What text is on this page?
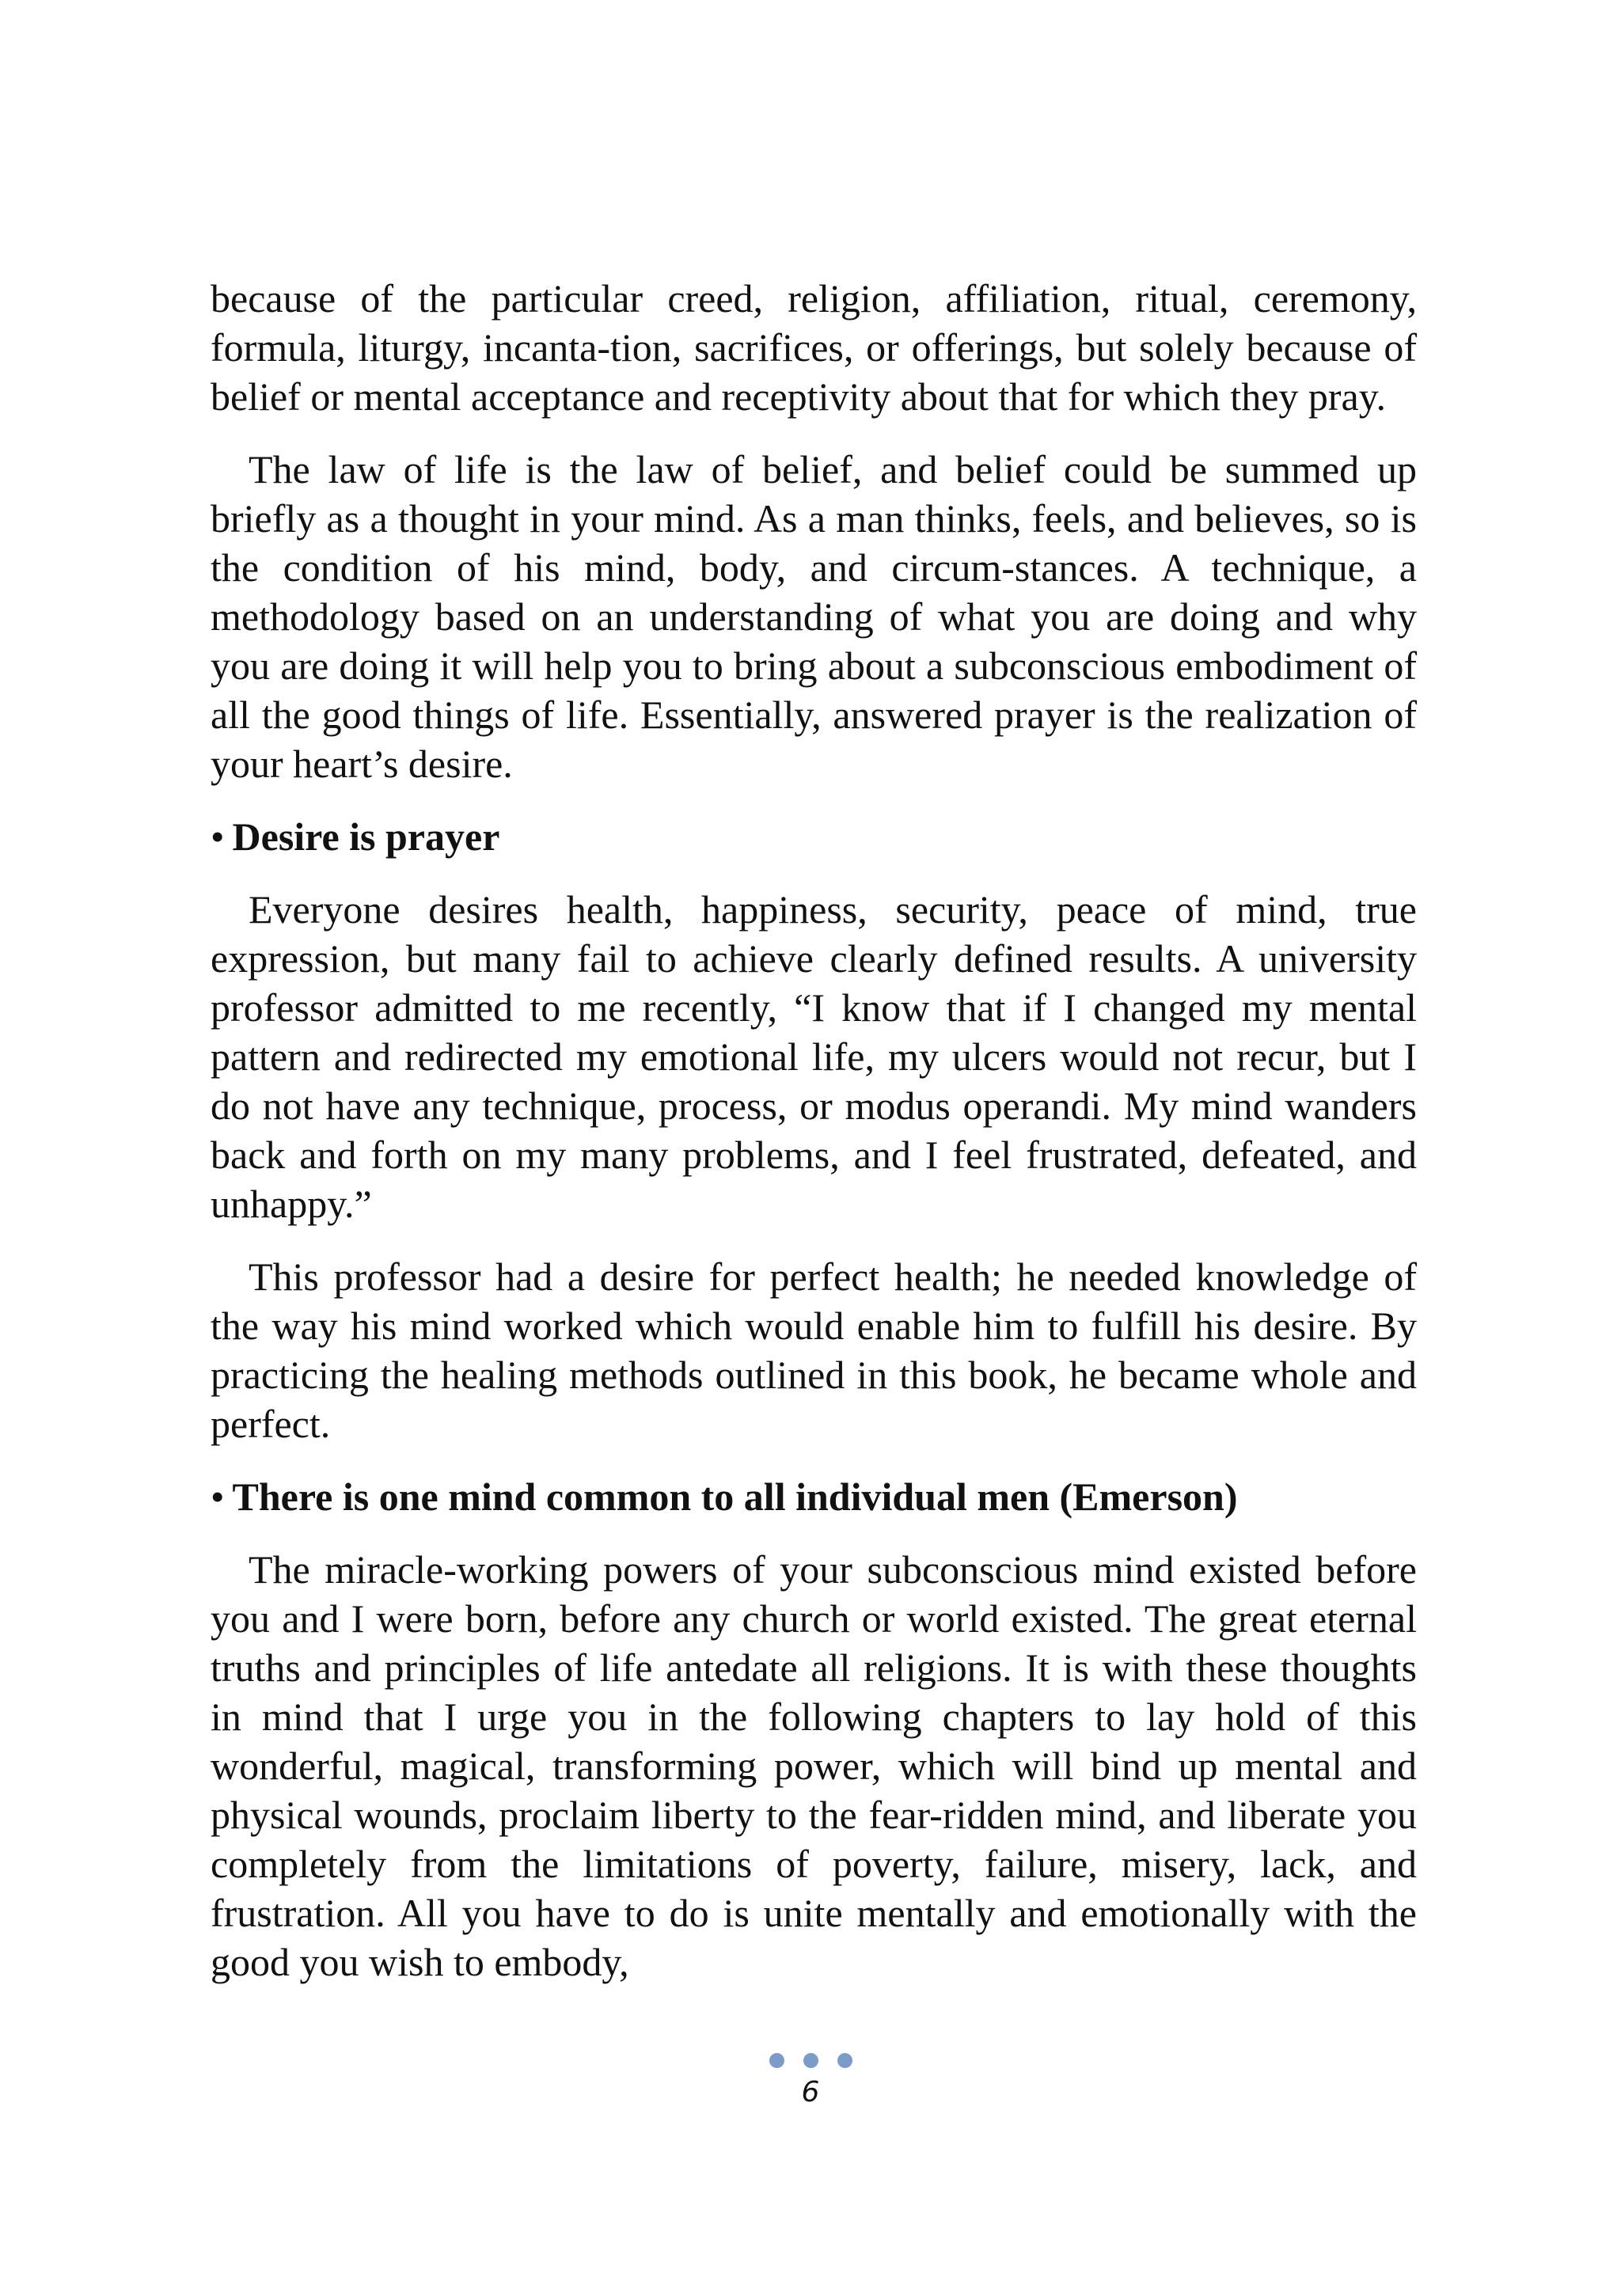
because of the particular creed, religion, affiliation, ritual, ceremony, formula, liturgy, incanta-tion, sacrifices, or offerings, but solely because of belief or mental acceptance and receptivity about that for which they pray.

The law of life is the law of belief, and belief could be summed up briefly as a thought in your mind. As a man thinks, feels, and believes, so is the condition of his mind, body, and circum-stances. A technique, a methodology based on an understanding of what you are doing and why you are doing it will help you to bring about a subconscious embodiment of all the good things of life. Essentially, answered prayer is the realization of your heart’s desire.

• Desire is prayer

Everyone desires health, happiness, security, peace of mind, true expression, but many fail to achieve clearly defined results. A university professor admitted to me recently, “I know that if I changed my mental pattern and redirected my emotional life, my ulcers would not recur, but I do not have any technique, process, or modus operandi. My mind wanders back and forth on my many problems, and I feel frustrated, defeated, and unhappy.”

This professor had a desire for perfect health; he needed knowledge of the way his mind worked which would enable him to fulfill his desire. By practicing the healing methods outlined in this book, he became whole and perfect.

• There is one mind common to all individual men (Emerson)

The miracle-working powers of your subconscious mind existed before you and I were born, before any church or world existed. The great eternal truths and principles of life antedate all religions. It is with these thoughts in mind that I urge you in the following chapters to lay hold of this wonderful, magical, transforming power, which will bind up mental and physical wounds, proclaim liberty to the fear-ridden mind, and liberate you completely from the limitations of poverty, failure, misery, lack, and frustration. All you have to do is unite mentally and emotionally with the good you wish to embody,

6
